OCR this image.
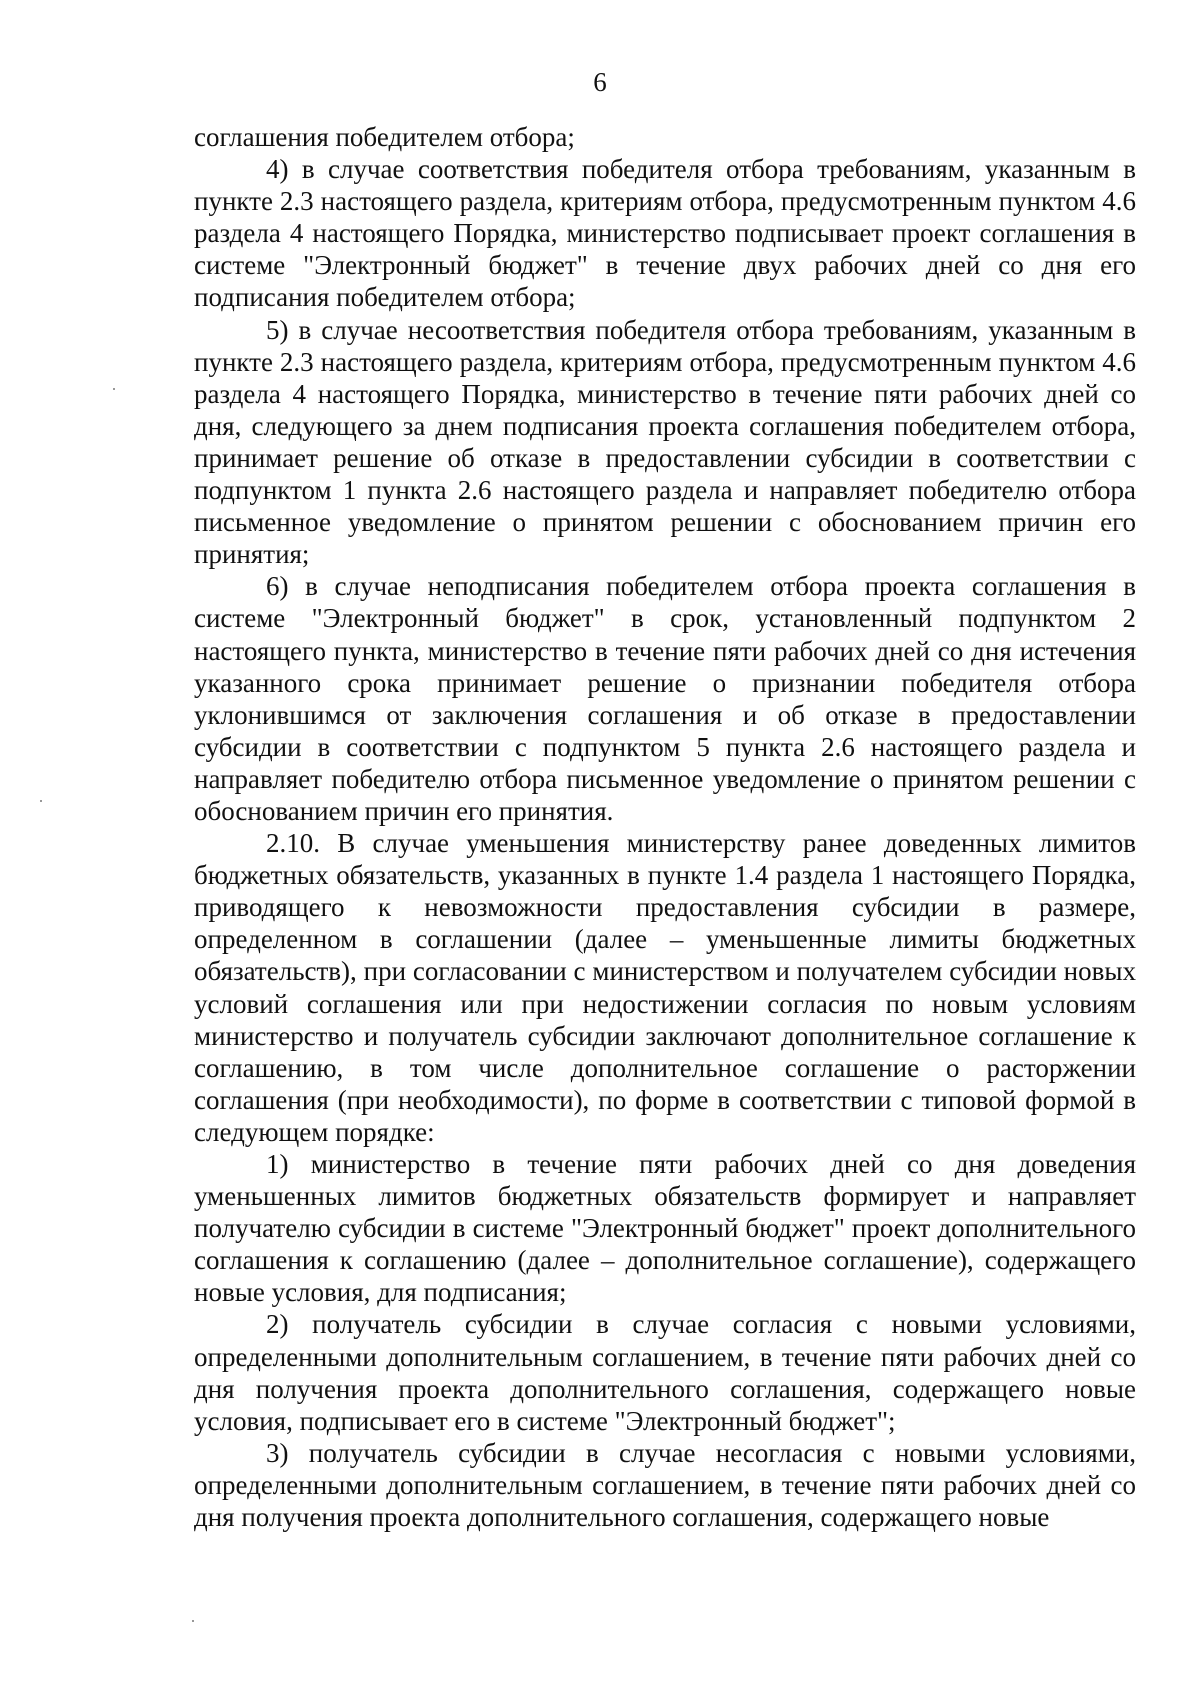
6

соглашения победителем отбора;

4) в случае соответствия победителя отбора требованиям, указанным в пункте 2.3 настоящего раздела, критериям отбора, предусмотренным пунктом 4.6 раздела 4 настоящего Порядка, министерство подписывает проект соглашения в системе "Электронный бюджет" в течение двух рабочих дней со дня его подписания победителем отбора;

5) в случае несоответствия победителя отбора требованиям, указанным в пункте 2.3 настоящего раздела, критериям отбора, предусмотренным пунктом 4.6 раздела 4 настоящего Порядка, министерство в течение пяти рабочих дней со дня, следующего за днем подписания проекта соглашения победителем отбора, принимает решение об отказе в предоставлении субсидии в соответствии с подпунктом 1 пункта 2.6 настоящего раздела и направляет победителю отбора письменное уведомление о принятом решении с обоснованием причин его принятия;

6) в случае неподписания победителем отбора проекта соглашения в системе "Электронный бюджет" в срок, установленный подпунктом 2 настоящего пункта, министерство в течение пяти рабочих дней со дня истечения указанного срока принимает решение о признании победителя отбора уклонившимся от заключения соглашения и об отказе в предоставлении субсидии в соответствии с подпунктом 5 пункта 2.6 настоящего раздела и направляет победителю отбора письменное уведомление о принятом решении с обоснованием причин его принятия.

2.10. В случае уменьшения министерству ранее доведенных лимитов бюджетных обязательств, указанных в пункте 1.4 раздела 1 настоящего Порядка, приводящего к невозможности предоставления субсидии в размере, определенном в соглашении (далее – уменьшенные лимиты бюджетных обязательств), при согласовании с министерством и получателем субсидии новых условий соглашения или при недостижении согласия по новым условиям министерство и получатель субсидии заключают дополнительное соглашение к соглашению, в том числе дополнительное соглашение о расторжении соглашения (при необходимости), по форме в соответствии с типовой формой в следующем порядке:

1) министерство в течение пяти рабочих дней со дня доведения уменьшенных лимитов бюджетных обязательств формирует и направляет получателю субсидии в системе "Электронный бюджет" проект дополнительного соглашения к соглашению (далее – дополнительное соглашение), содержащего новые условия, для подписания;

2) получатель субсидии в случае согласия с новыми условиями, определенными дополнительным соглашением, в течение пяти рабочих дней со дня получения проекта дополнительного соглашения, содержащего новые условия, подписывает его в системе "Электронный бюджет";

3) получатель субсидии в случае несогласия с новыми условиями, определенными дополнительным соглашением, в течение пяти рабочих дней со дня получения проекта дополнительного соглашения, содержащего новые
